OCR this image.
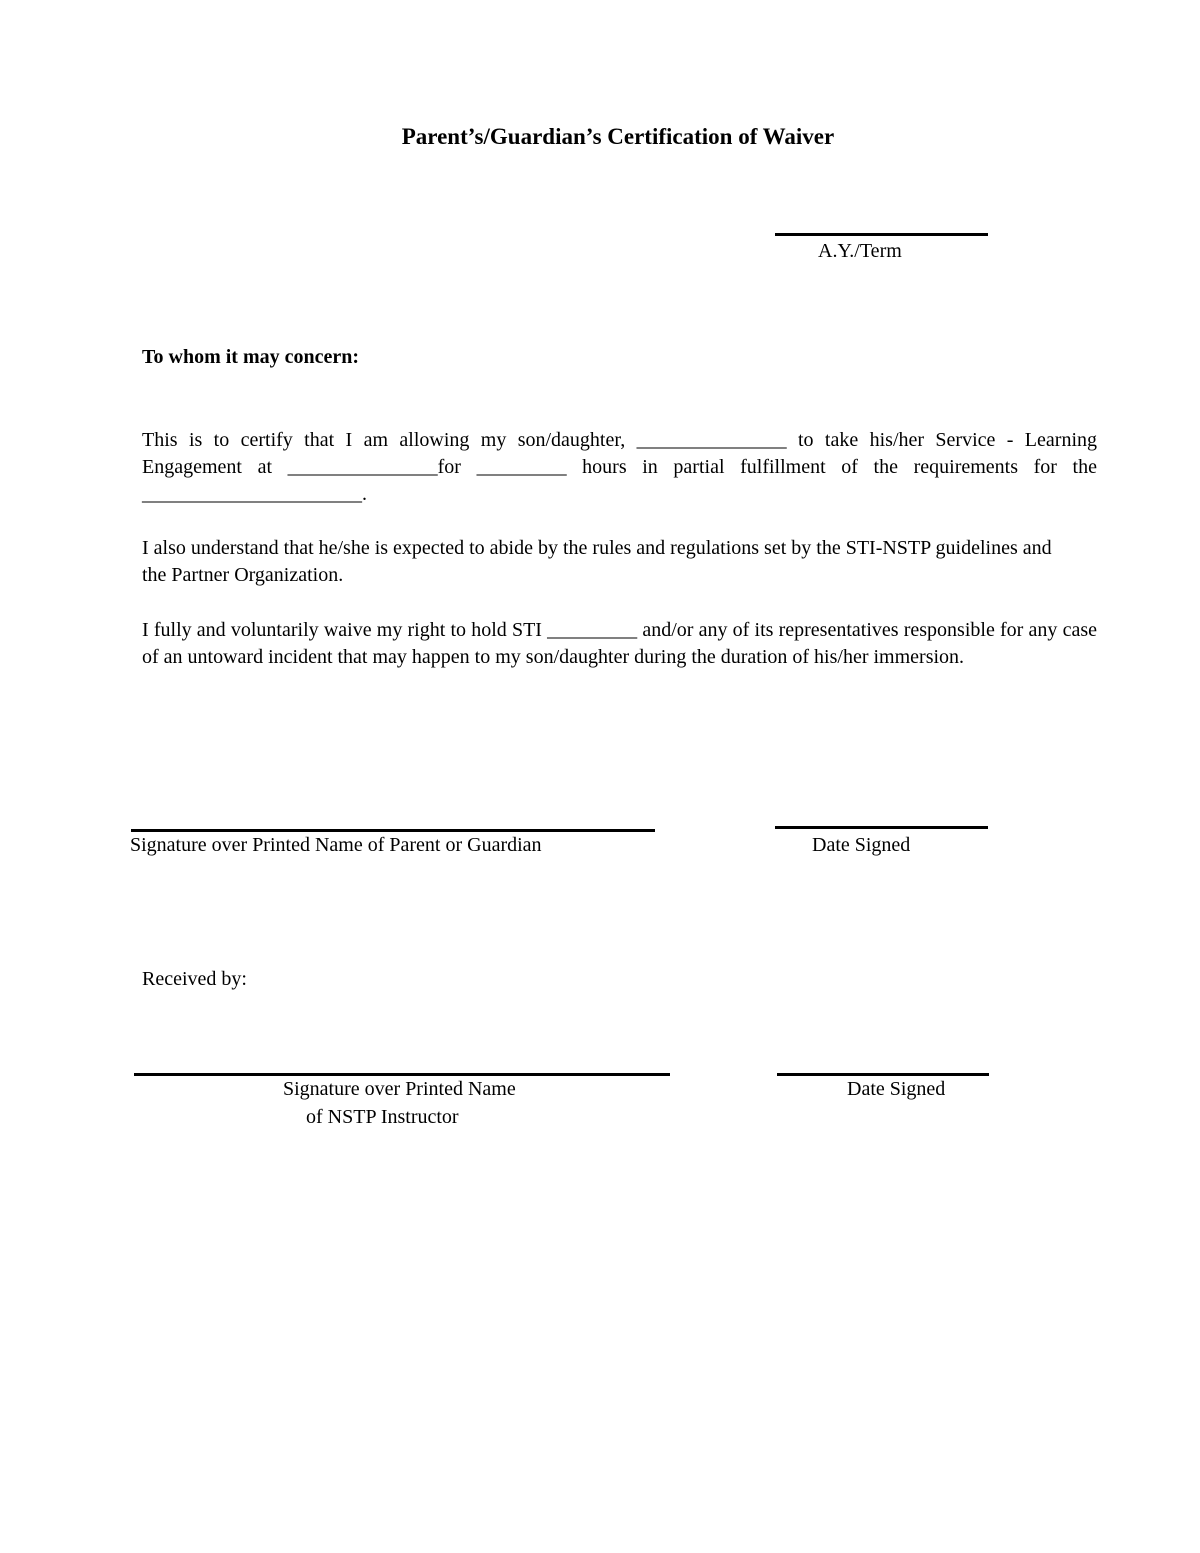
Parent’s/Guardian’s Certification of Waiver
A.Y./Term
To whom it may concern:

This is to certify that I am allowing my son/daughter, _______________ to take his/her Service - Learning Engagement at _______________for _________ hours in partial fulfillment of the requirements for the ______________________.

I also understand that he/she is expected to abide by the rules and regulations set by the STI-NSTP guidelines and the Partner Organization.

I fully and voluntarily waive my right to hold STI _________ and/or any of its representatives responsible for any case of an untoward incident that may happen to my son/daughter during the duration of his/her immersion.

Signature over Printed Name of Parent or Guardian	Date Signed
Received by:
Signature over Printed Name
of NSTP Instructor
Date Signed
